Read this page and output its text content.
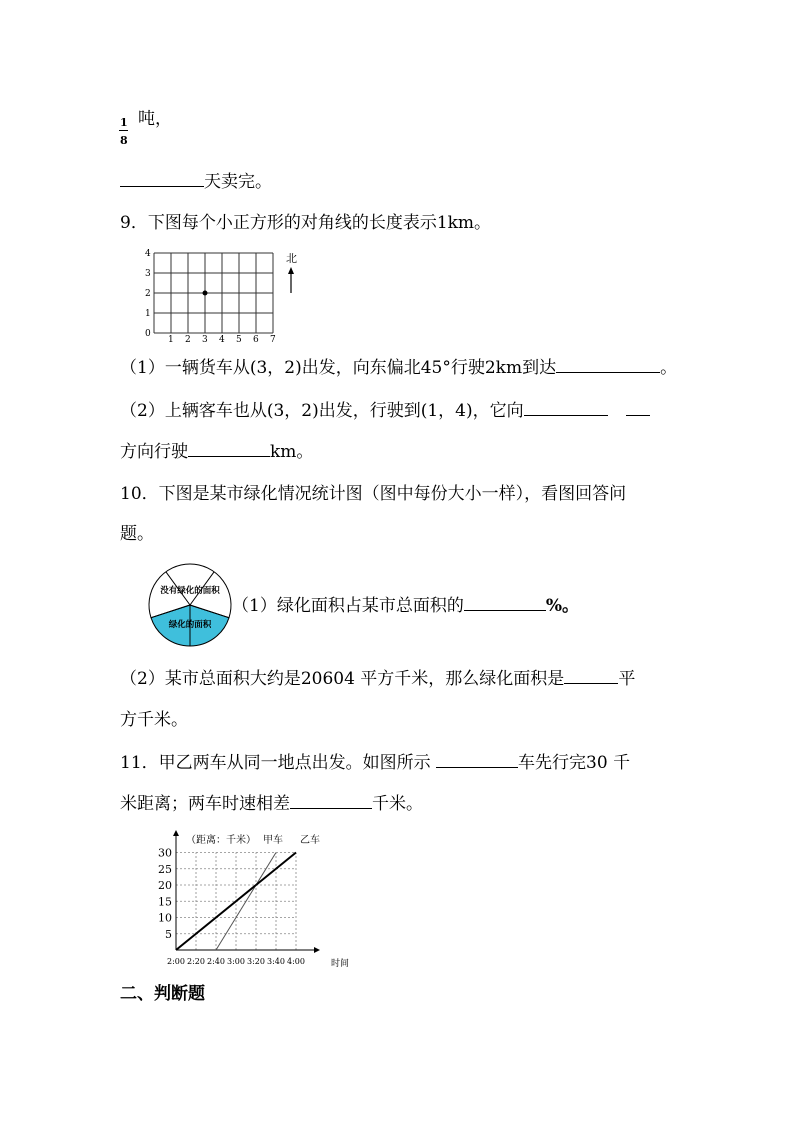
1
8
吨，
天卖完。
9．下图每个小正方形的对角线的长度表示1km。
1 2 3 4 5 6 7
0
1
2
3
4	北
（1）一辆货车从(3，2)出发，向东偏北45°行驶2km到达	。
（2）上辆客车也从(3，2)出发，行驶到(1，4)，它向
方向行驶	km。
10．下图是某市绿化情况统计图（图中每份大小一样），看图回答问
题。
没有绿化的面积
绿化的面积
（1）绿化面积占某市总面积的	%。
（2）某市总面积大约是20604 平方千米，那么绿化面积是	平
方千米。
11．甲乙两车从同一地点出发。如图所示	车先行完30 千
米距离；两车时速相差	千米。
5
10
15
20
25
30
2:00 2:20 2:40 3:00 3:20 3:40 4:00
（距离：千米） 甲车 乙车
时间
二、判断题
